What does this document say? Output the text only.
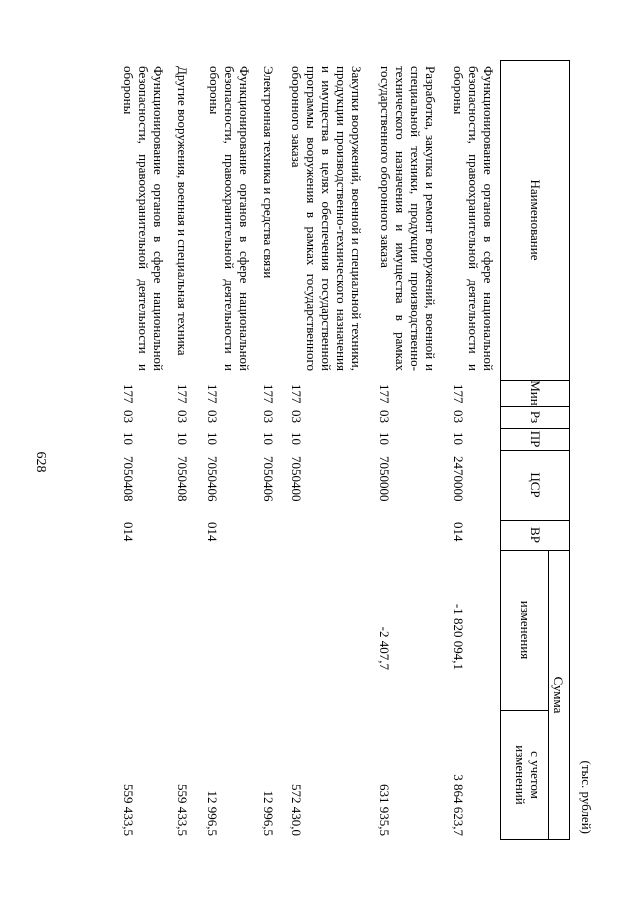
628
(тыс. рублей)
Наименование
Мин
Рз
ПР
ЦСР
ВР
Сумма
изменения
с учетом изменений
Функционирование органов в сфере национальной безопасности, правоохранительной деятельности и обороны
177
03
10
2470000
014
-1 820 094,1
3 864 623,7
Разработка, закупка и ремонт вооружений, военной и специальной техники, продукции производственно-технического назначения и имущества в рамках государственного оборонного заказа
177
03
10
7050000
-2 407,7
631 935,5
Закупки вооружений, военной и специальной техники, продукции производственно-технического назначения и имущества в целях обеспечения государственной программы вооружения в рамках государственного оборонного заказа
177
03
10
7050400
572 430,0
Электронная техника и средства связи
177
03
10
7050406
12 996,5
Функционирование органов в сфере национальной безопасности, правоохранительной деятельности и обороны
177
03
10
7050406
014
12 996,5
Другие вооружения, военная и специальная техника
177
03
10
7050408
559 433,5
Функционирование органов в сфере национальной безопасности, правоохранительной деятельности и обороны
177
03
10
7050408
014
559 433,5
